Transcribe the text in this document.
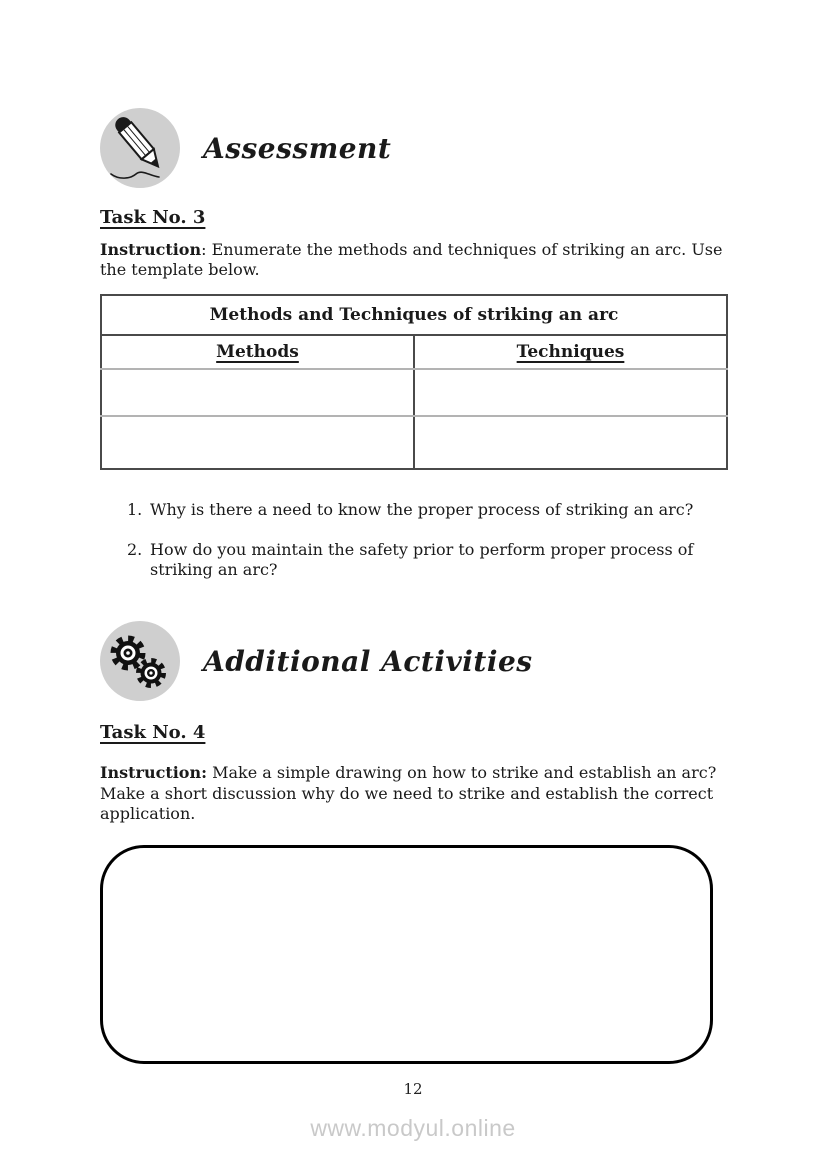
Assessment
Task No. 3

Instruction: Enumerate the methods and techniques of striking an arc. Use the template below.

Methods and Techniques of striking an arc	
Methods	Techniques

1. Why is there a need to know the proper process of striking an arc?
2. How do you maintain the safety prior to perform proper process of striking an arc?
Additional Activities
Task No. 4

Instruction: Make a simple drawing on how to strike and establish an arc? Make a short discussion why do we need to strike and establish the correct application.

12
www.modyul.online
